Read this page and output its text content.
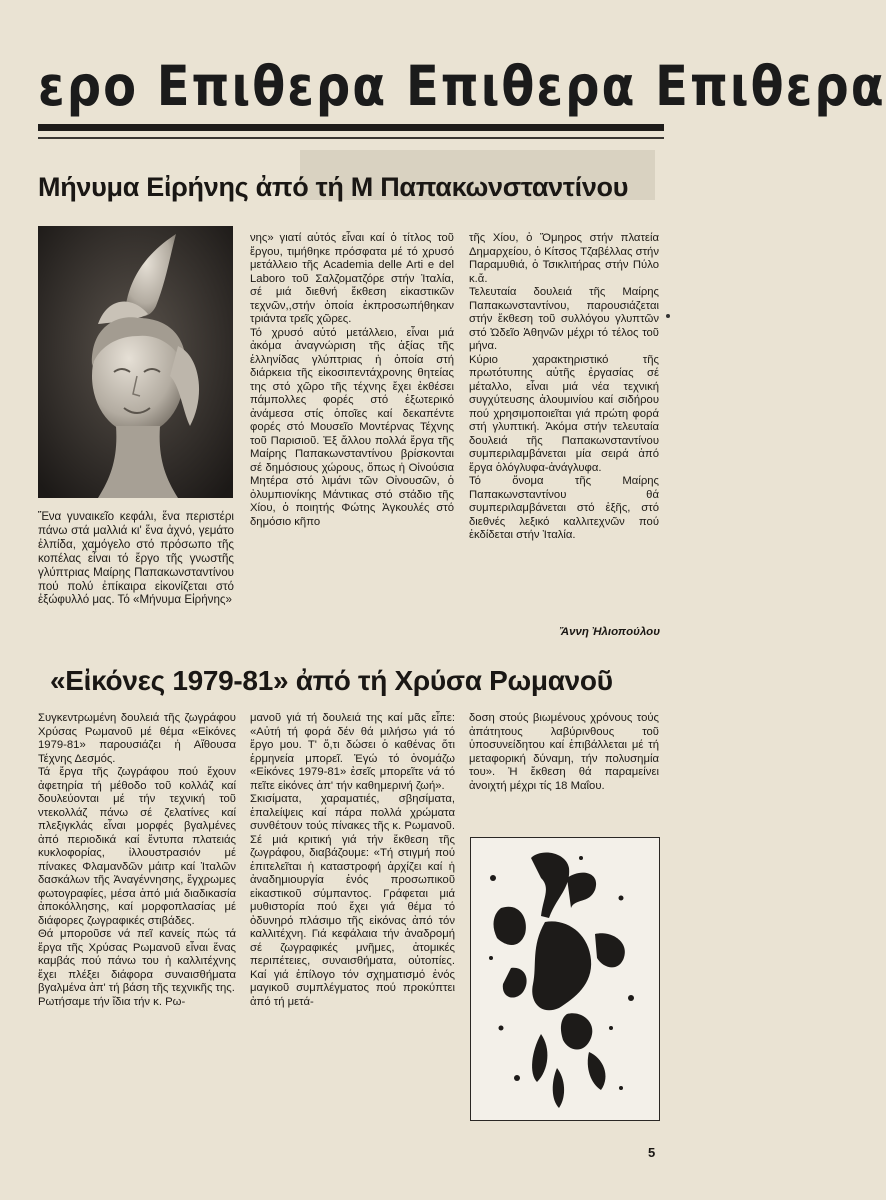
ερο Επιθερα Επιθερα Επιθερα
Μήνυμα Εἰρήνης ἀπό τή Μ Παπακωνσταντίνου
Ἕνα γυναικεῖο κεφάλι, ἕνα περιστέρι πάνω στά μαλλιά κι' ἕνα ἀχνό, γεμάτο ἐλπίδα, χαμόγελο στό πρόσωπο τῆς κοπέλας εἶναι τό ἔργο τῆς γνωστῆς γλύπτριας Μαίρης Παπακωνσταντίνου πού πολύ ἐπίκαιρα εἰκονίζεται στό ἐξώφυλλό μας. Τό «Μήνυμα Εἰρήνης»

νης» γιατί αὐτός εἶναι καί ὁ τίτλος τοῦ ἔργου, τιμήθηκε πρόσφατα μέ τό χρυσό μετάλλειο τῆς Academia delle Arti e del Laboro τοῦ Σαλζοματζόρε στήν Ἰταλία, σέ μιά διεθνή ἔκθεση εἰκαστικῶν τεχνῶν,,στήν ὁποία ἐκπροσωπήθηκαν τριάντα τρεῖς χῶρες.

Τό χρυσό αὐτό μετάλλειο, εἶναι μιά ἀκόμα ἀναγνώριση τῆς ἀξίας τῆς ἑλληνίδας γλύπτριας ἡ ὁποία στή διάρκεια τῆς εἰκοσιπεντάχρονης θητείας της στό χῶρο τῆς τέχνης ἔχει ἐκθέσει πάμπολλες φορές στό ἐξωτερικό ἀνάμεσα στίς ὁποῖες καί δεκαπέντε φορές στό Μουσεῖο Μοντέρνας Τέχνης τοῦ Παρισιοῦ. Ἐξ ἄλλου πολλά ἔργα τῆς Μαίρης Παπακωνσταντίνου βρίσκονται σέ δημόσιους χώρους, ὅπως ἡ Οἰνούσια Μητέρα στό λιμάνι τῶν Οἰνουσῶν, ὁ ὀλυμπιονίκης Μάντικας στό στάδιο τῆς Χίου, ὁ ποιητής Φώτης Ἀγκουλές στό δημόσιο κῆπο

τῆς Χίου, ὁ Ὅμηρος στήν πλατεία Δημαρχείου, ὁ Κίτσος Τζαβέλλας στήν Παραμυθιά, ὁ Τσικλιτήρας στήν Πύλο κ.ἄ.

Τελευταία δουλειά τῆς Μαίρης Παπακωνσταντίνου, παρουσιάζεται στήν ἔκθεση τοῦ συλλόγου γλυπτῶν στό Ὠδεῖο Ἀθηνῶν μέχρι τό τέλος τοῦ μήνα.

Κύριο χαρακτηριστικό τῆς πρωτότυπης αὐτῆς ἐργασίας σέ μέταλλο, εἶναι μιά νέα τεχνική συγχύτευσης ἀλουμινίου καί σιδήρου πού χρησιμοποιεῖται γιά πρώτη φορά στή γλυπτική. Ἀκόμα στήν τελευταία δουλειά τῆς Παπακωνσταντίνου συμπεριλαμβάνεται μία σειρά ἀπό ἔργα ὁλόγλυφα-ἀνάγλυφα.

Τό ὄνομα τῆς Μαίρης Παπακωνσταντίνου θά συμπεριλαμβάνεται στό ἑξῆς, στό διεθνές λεξικό καλλιτεχνῶν πού ἐκδίδεται στήν Ἰταλία.

Ἄννη Ἠλιοπούλου
«Εἰκόνες 1979-81» ἀπό τή Χρύσα Ρωμανοῦ

Συγκεντρωμένη δουλειά τῆς ζωγράφου Χρύσας Ρωμανοῦ μέ θέμα «Εἰκόνες 1979-81» παρουσιάζει ἡ Αἴθουσα Τέχνης Δεσμός.

Τά ἔργα τῆς ζωγράφου πού ἔχουν ἀφετηρία τή μέθοδο τοῦ κολλάζ καί δουλεύονται μέ τήν τεχνική τοῦ ντεκολλάζ πάνω σέ ζελατίνες καί πλεξιγκλάς εἶναι μορφές βγαλμένες ἀπό περιοδικά καί ἔντυπα πλατειάς κυκλοφορίας, ἰλλουστρασιόν μέ πίνακες Φλαμανδῶν μάιτρ καί Ἰταλῶν δασκάλων τῆς Ἀναγέννησης, ἔγχρωμες φωτογραφίες, μέσα ἀπό μιά διαδικασία ἀποκόλλησης, καί μορφοπλασίας μέ διάφορες ζωγραφικές στιβάδες.

Θά μποροῦσε νά πεῖ κανείς πώς τά ἔργα τῆς Χρύσας Ρωμανοῦ εἶναι ἕνας καμβάς πού πάνω του ἡ καλλιτέχνης ἔχει πλέξει διάφορα συναισθήματα βγαλμένα ἀπ' τή βάση τῆς τεχνικῆς της.

Ρωτήσαμε τήν ἴδια τήν κ. Ρω-

μανοῦ γιά τή δουλειά της καί μᾶς εἶπε: «Αὐτή τή φορά δέν θά μιλήσω γιά τό ἔργο μου. Τ' ὅ,τι δώσει ὁ καθένας ὅτι ἑρμηνεία μπορεῖ. Ἐγώ τό ὀνομάζω «Εἰκόνες 1979-81» ἐσεῖς μπορεῖτε νά τό πεῖτε εἰκόνες ἀπ' τήν καθημερινή ζωή».

Σκισίματα, χαραματιές, σβησίματα, ἐπαλείψεις καί πάρα πολλά χρώματα συνθέτουν τούς πίνακες τῆς κ. Ρωμανοῦ. Σέ μιά κριτική γιά τήν ἔκθεση τῆς ζωγράφου, διαβάζουμε: «Τή στιγμή πού ἐπιτελεῖται ἡ καταστροφή ἀρχίζει καί ἡ ἀναδημιουργία ἑνός προσωπικοῦ εἰκαστικοῦ σύμπαντος. Γράφεται μιά μυθιστορία πού ἔχει γιά θέμα τό ὀδυνηρό πλάσιμο τῆς εἰκόνας ἀπό τόν καλλιτέχνη. Γιά κεφάλαια τήν ἀναδρομή σέ ζωγραφικές μνῆμες, ἀτομικές περιπέτειες, συναισθήματα, οὐτοπίες. Καί γιά ἐπίλογο τόν σχηματισμό ἑνός μαγικοῦ συμπλέγματος πού προκύπτει ἀπό τή μετά-

δοση στούς βιωμένους χρόνους τούς ἀπάτητους λαβύρινθους τοῦ ὑποσυνείδητου καί ἐπιβάλλεται μέ τή μεταφορική δύναμη, τήν πολυσημία του». Ἡ ἔκθεση θά παραμείνει ἀνοιχτή μέχρι τίς 18 Μαΐου.

5
